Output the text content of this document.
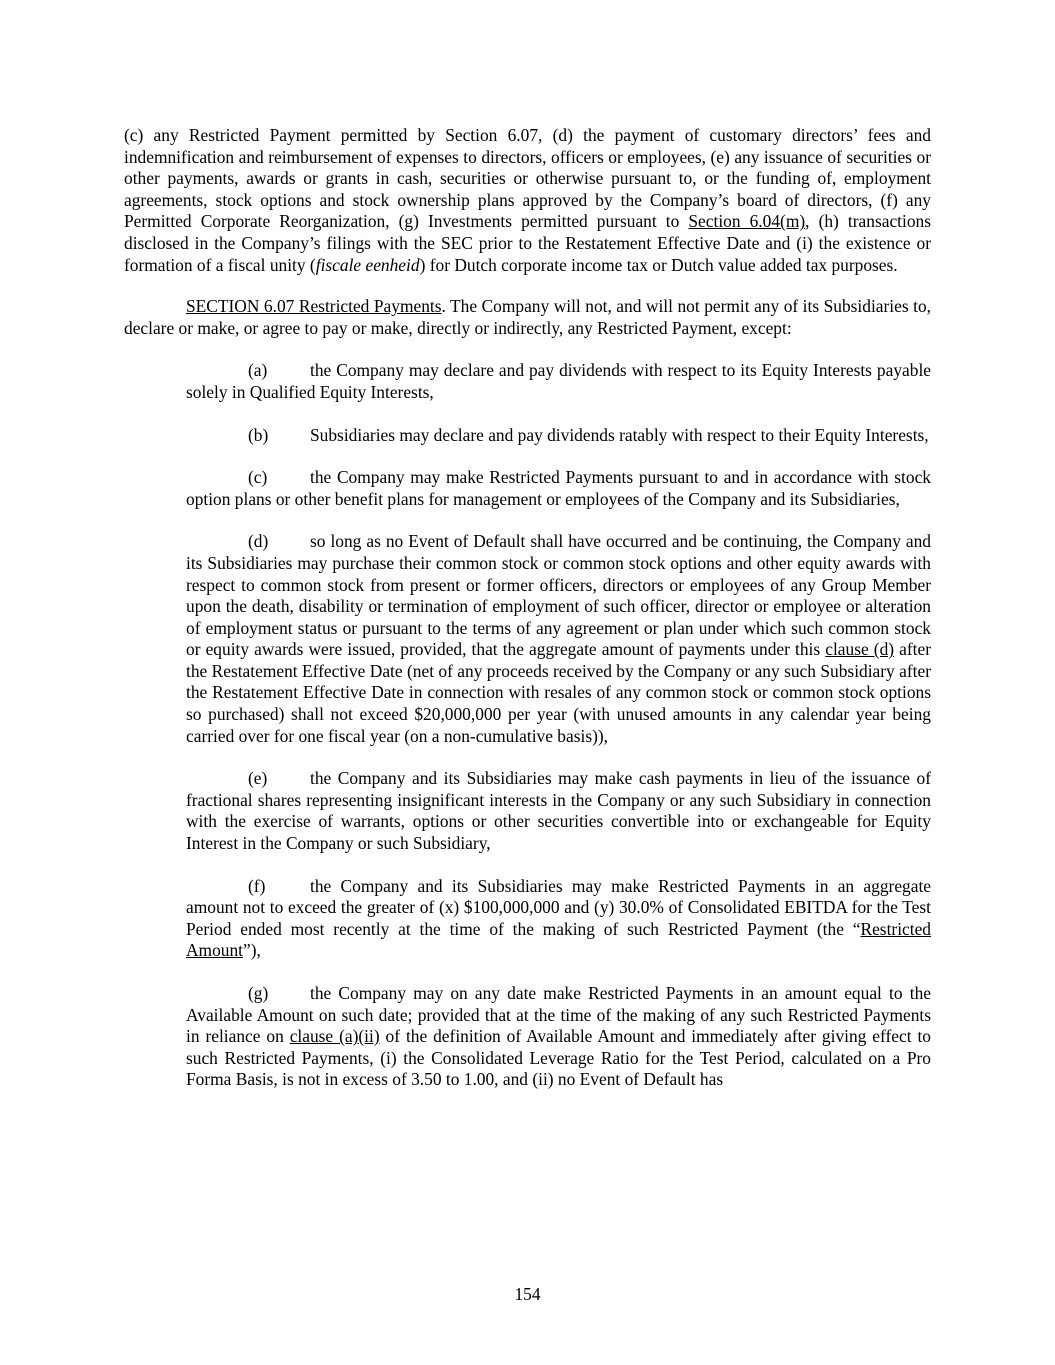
(c) any Restricted Payment permitted by Section 6.07, (d) the payment of customary directors’ fees and indemnification and reimbursement of expenses to directors, officers or employees, (e) any issuance of securities or other payments, awards or grants in cash, securities or otherwise pursuant to, or the funding of, employment agreements, stock options and stock ownership plans approved by the Company’s board of directors, (f) any Permitted Corporate Reorganization, (g) Investments permitted pursuant to Section 6.04(m), (h) transactions disclosed in the Company’s filings with the SEC prior to the Restatement Effective Date and (i) the existence or formation of a fiscal unity (fiscale eenheid) for Dutch corporate income tax or Dutch value added tax purposes.

SECTION 6.07 Restricted Payments. The Company will not, and will not permit any of its Subsidiaries to, declare or make, or agree to pay or make, directly or indirectly, any Restricted Payment, except:

(a) the Company may declare and pay dividends with respect to its Equity Interests payable solely in Qualified Equity Interests,

(b) Subsidiaries may declare and pay dividends ratably with respect to their Equity Interests,

(c) the Company may make Restricted Payments pursuant to and in accordance with stock option plans or other benefit plans for management or employees of the Company and its Subsidiaries,

(d) so long as no Event of Default shall have occurred and be continuing, the Company and its Subsidiaries may purchase their common stock or common stock options and other equity awards with respect to common stock from present or former officers, directors or employees of any Group Member upon the death, disability or termination of employment of such officer, director or employee or alteration of employment status or pursuant to the terms of any agreement or plan under which such common stock or equity awards were issued, provided, that the aggregate amount of payments under this clause (d) after the Restatement Effective Date (net of any proceeds received by the Company or any such Subsidiary after the Restatement Effective Date in connection with resales of any common stock or common stock options so purchased) shall not exceed $20,000,000 per year (with unused amounts in any calendar year being carried over for one fiscal year (on a non-cumulative basis)),

(e) the Company and its Subsidiaries may make cash payments in lieu of the issuance of fractional shares representing insignificant interests in the Company or any such Subsidiary in connection with the exercise of warrants, options or other securities convertible into or exchangeable for Equity Interest in the Company or such Subsidiary,

(f)	the Company and its Subsidiaries may make Restricted Payments in an aggregate amount not to exceed the greater of (x) $100,000,000 and (y) 30.0% of Consolidated EBITDA for the Test Period ended most recently at the time of the making of such Restricted Payment (the “Restricted Amount”),

(g) the Company may on any date make Restricted Payments in an amount equal to the Available Amount on such date; provided that at the time of the making of any such Restricted Payments in reliance on clause (a)(ii) of the definition of Available Amount and immediately after giving effect to such Restricted Payments, (i) the Consolidated Leverage Ratio for the Test Period, calculated on a Pro Forma Basis, is not in excess of 3.50 to 1.00, and (ii) no Event of Default has

154
